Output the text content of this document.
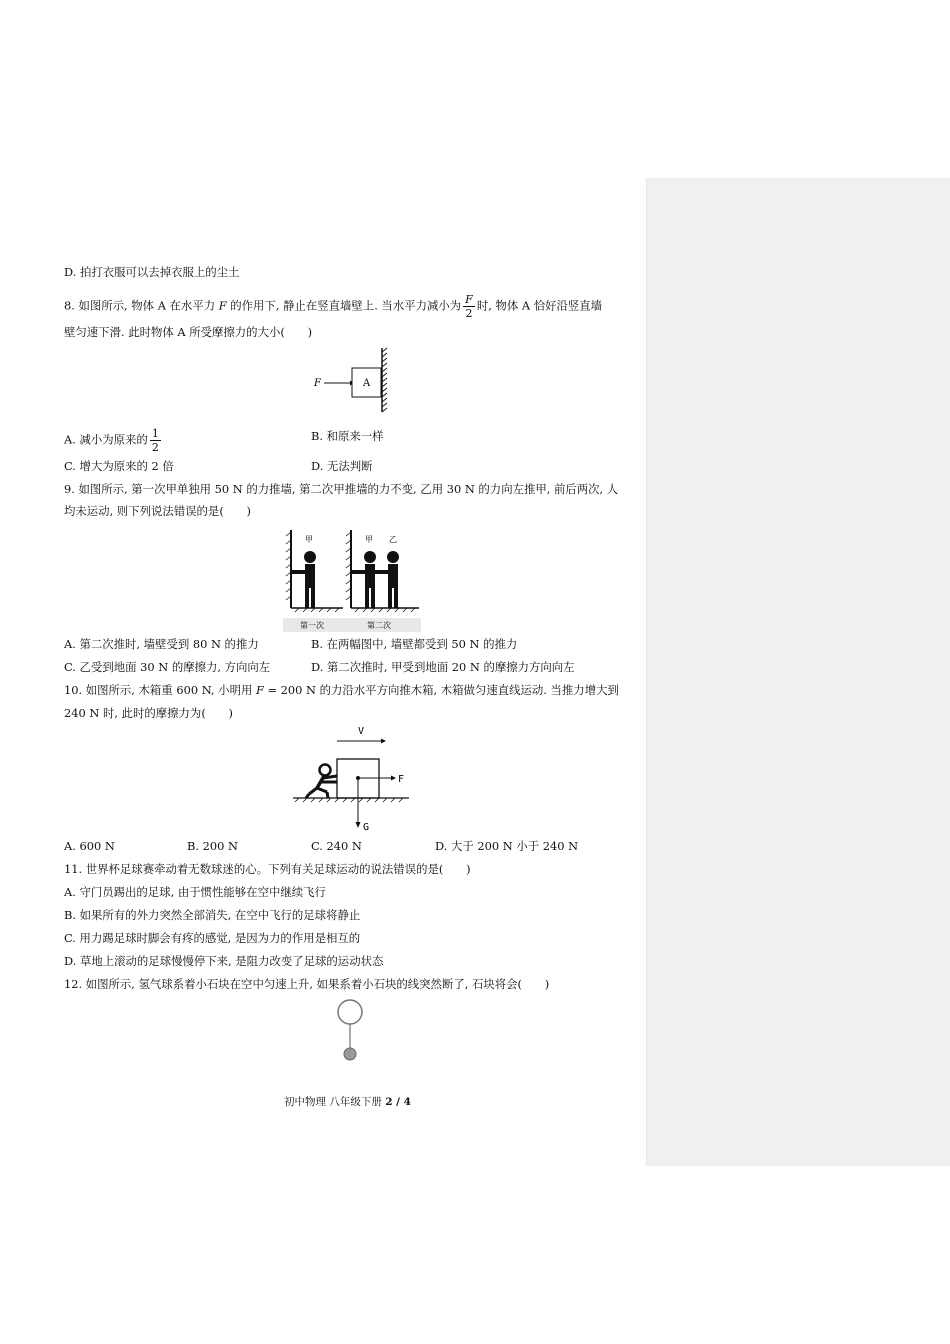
D. 拍打衣服可以去掉衣服上的尘土
8. 如图所示, 物体 A 在水平力 F 的作用下, 静止在竖直墙壁上. 当水平力减小为 $\frac{F}{2}$ 时, 物体 A 恰好沿竖直墙
壁匀速下滑. 此时物体 A 所受摩擦力的大小(　　)
F	A
A. 减小为原来的 $\frac{1}{2}$	B. 和原来一样
C. 增大为原来的 2 倍	D. 无法判断
9. 如图所示, 第一次甲单独用 50 N 的力推墙, 第二次甲推墙的力不变, 乙用 30 N 的力向左推甲, 前后两次, 人
均未运动, 则下列说法错误的是(　　)
甲	甲 乙
第一次	第二次
A. 第二次推时, 墙壁受到 80 N 的推力	B. 在两幅图中, 墙壁都受到 50 N 的推力
C. 乙受到地面 30 N 的摩擦力, 方向向左	D. 第二次推时, 甲受到地面 20 N 的摩擦力方向向左
10. 如图所示, 木箱重 600 N, 小明用 F = 200 N 的力沿水平方向推木箱, 木箱做匀速直线运动. 当推力增大到
240 N 时, 此时的摩擦力为(　　)
V
F
G
A. 600 N	B. 200 N	C. 240 N	D. 大于 200 N 小于 240 N
11. 世界杯足球赛牵动着无数球迷的心。下列有关足球运动的说法错误的是(　　)
A. 守门员踢出的足球, 由于惯性能够在空中继续飞行
B. 如果所有的外力突然全部消失, 在空中飞行的足球将静止
C. 用力踢足球时脚会有疼的感觉, 是因为力的作用是相互的
D. 草地上滚动的足球慢慢停下来, 是阻力改变了足球的运动状态
12. 如图所示, 氢气球系着小石块在空中匀速上升, 如果系着小石块的线突然断了, 石块将会(　　)
初中物理 八年级下册 2 / 4
